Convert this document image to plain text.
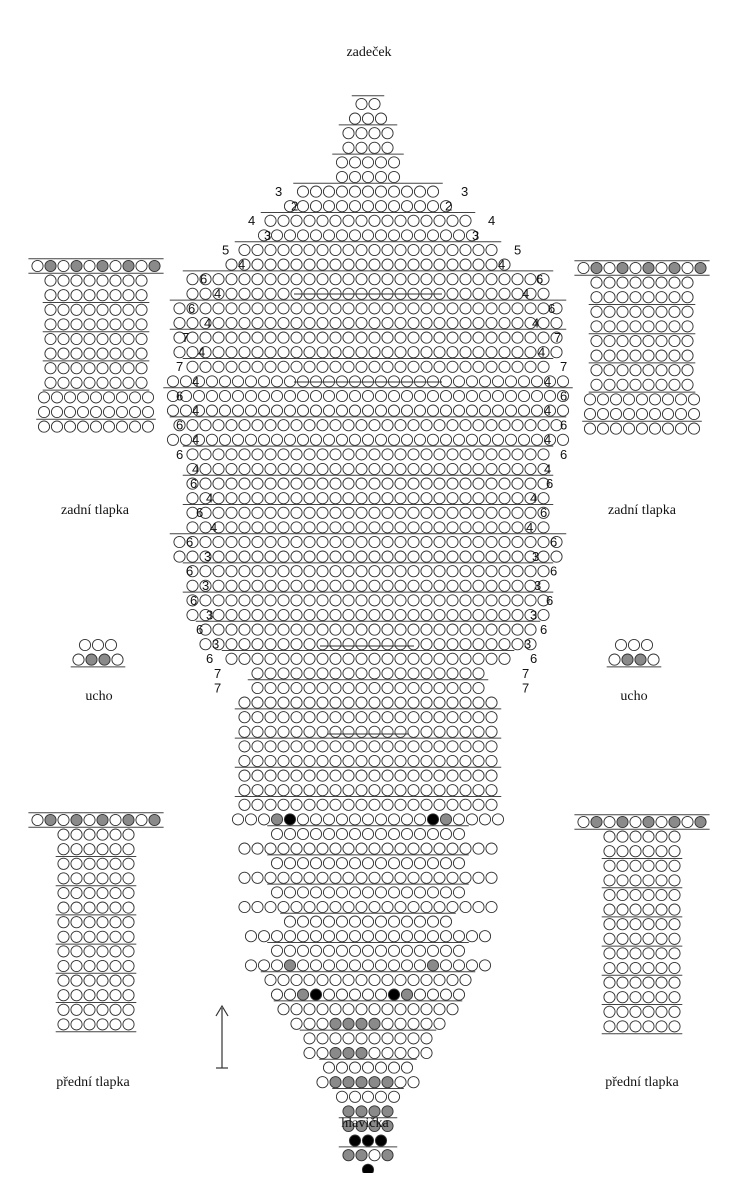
3
2
4
3
5
4
6
4
6
4
7
4
7
4
6
4
6
4
6
4
6
4
6
4
6
3
6
3
6
3
6
3
6
7
7
3
2
4
3
5
4
6
4
6
4
7
4
7
4
6
4
6
4
6
4
6
4
6
4
6
3
6
3
6
3
6
3
6
7
7
zadeček
hlavička
zadní tlapka	zadní tlapka
ucho	ucho
přední tlapka	přední tlapka
